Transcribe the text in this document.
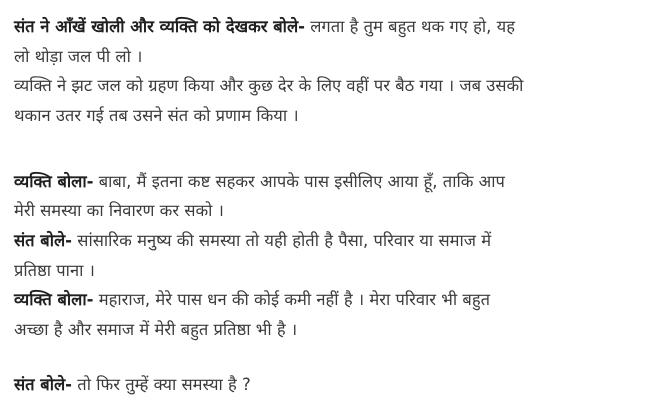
संत ने आँखें खोली और व्यक्ति को देखकर बोले- लगता है तुम बहुत थक गए हो, यह
लो थोड़ा जल पी लो ।
व्यक्ति ने झट जल को ग्रहण किया और कुछ देर के लिए वहीं पर बैठ गया । जब उसकी
थकान उतर गई तब उसने संत को प्रणाम किया ।
व्यक्ति बोला- बाबा, मैं इतना कष्ट सहकर आपके पास इसीलिए आया हूँ, ताकि आप
मेरी समस्या का निवारण कर सको ।
संत बोले- सांसारिक मनुष्य की समस्या तो यही होती है पैसा, परिवार या समाज में
प्रतिष्ठा पाना ।
व्यक्ति बोला- महाराज, मेरे पास धन की कोई कमी नहीं है । मेरा परिवार भी बहुत
अच्छा है और समाज में मेरी बहुत प्रतिष्ठा भी है ।
संत बोले- तो फिर तुम्हें क्या समस्या है ?
